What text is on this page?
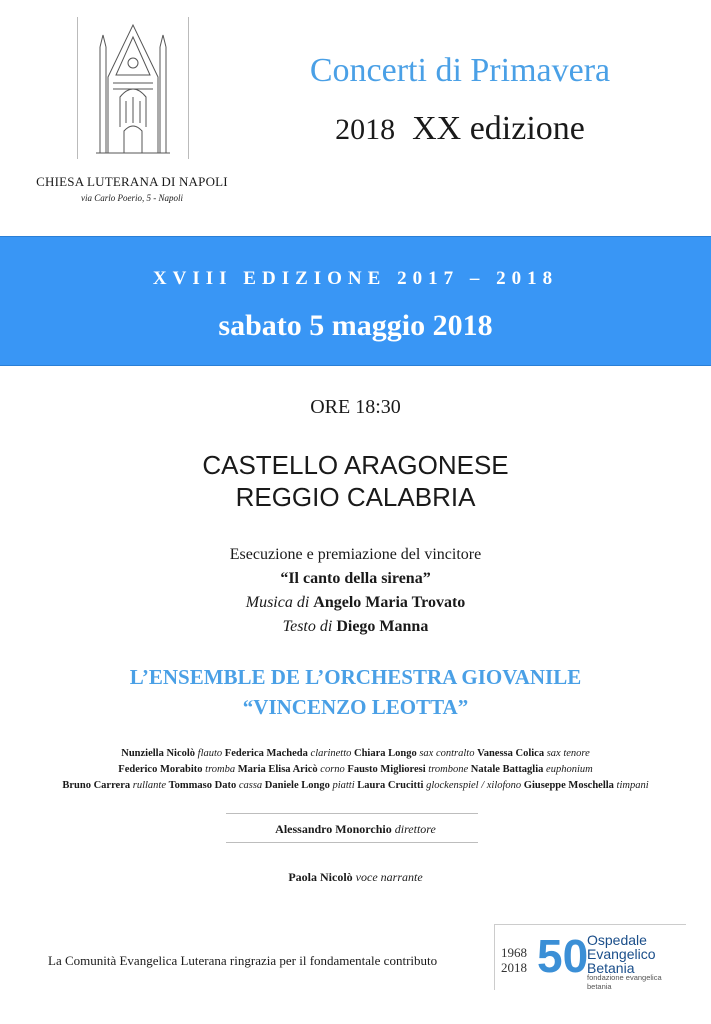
CHIESA LUTERANA DI NAPOLI
via Carlo Poerio, 5 - Napoli
Concerti di Primavera
2018 XX edizione
XVIII EDIZIONE 2017 – 2018
sabato 5 maggio 2018
ORE 18:30
CASTELLO ARAGONESE
REGGIO CALABRIA
Esecuzione e premiazione del vincitore
“Il canto della sirena”
Musica di Angelo Maria Trovato
Testo di Diego Manna
L’ENSEMBLE DE L’ORCHESTRA GIOVANILE
“VINCENZO LEOTTA”
Nunziella Nicolò flauto Federica Macheda clarinetto Chiara Longo sax contralto Vanessa Colica sax tenore
Federico Morabito tromba Maria Elisa Aricò corno Fausto Miglioresi trombone Natale Battaglia euphonium
Bruno Carrera rullante Tommaso Dato cassa Daniele Longo piatti Laura Crucitti glockenspiel / xilofono Giuseppe Moschella timpani
Alessandro Monorchio direttore
Paola Nicolò voce narrante
La Comunità Evangelica Luterana ringrazia per il fondamentale contributo
1968
2018 50
Ospedale
Evangelico
Betania
fondazione evangelica betania
